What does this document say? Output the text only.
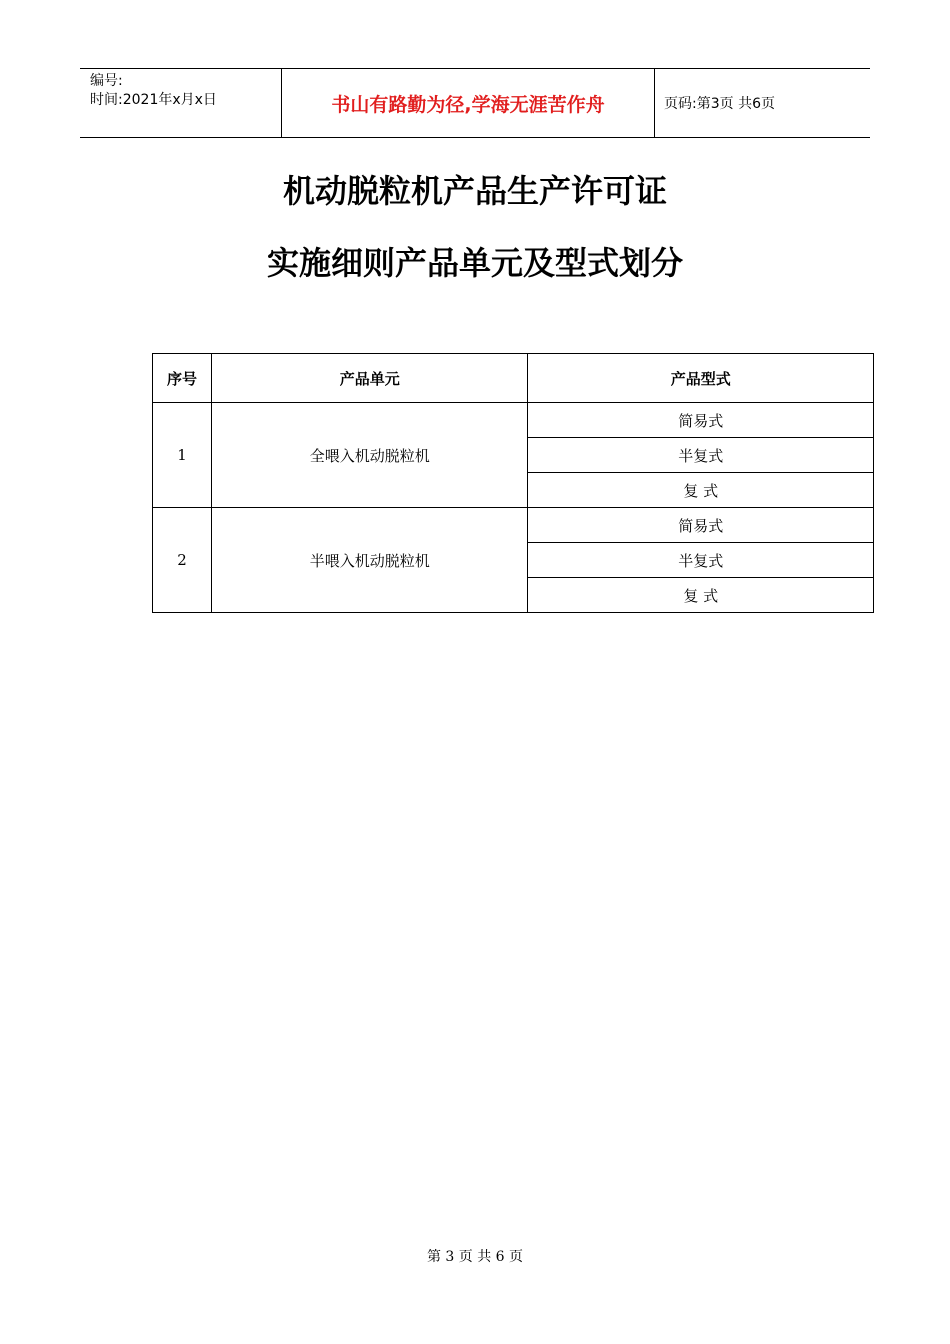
编号:
时间:2021年x月x日	书山有路勤为径,学海无涯苦作舟	页码:第3页 共6页
机动脱粒机产品生产许可证
实施细则产品单元及型式划分
序号	产品单元	产品型式
1	全喂入机动脱粒机	简易式
		半复式
		复 式
2	半喂入机动脱粒机	简易式
		半复式
		复 式
第 3 页 共 6 页
